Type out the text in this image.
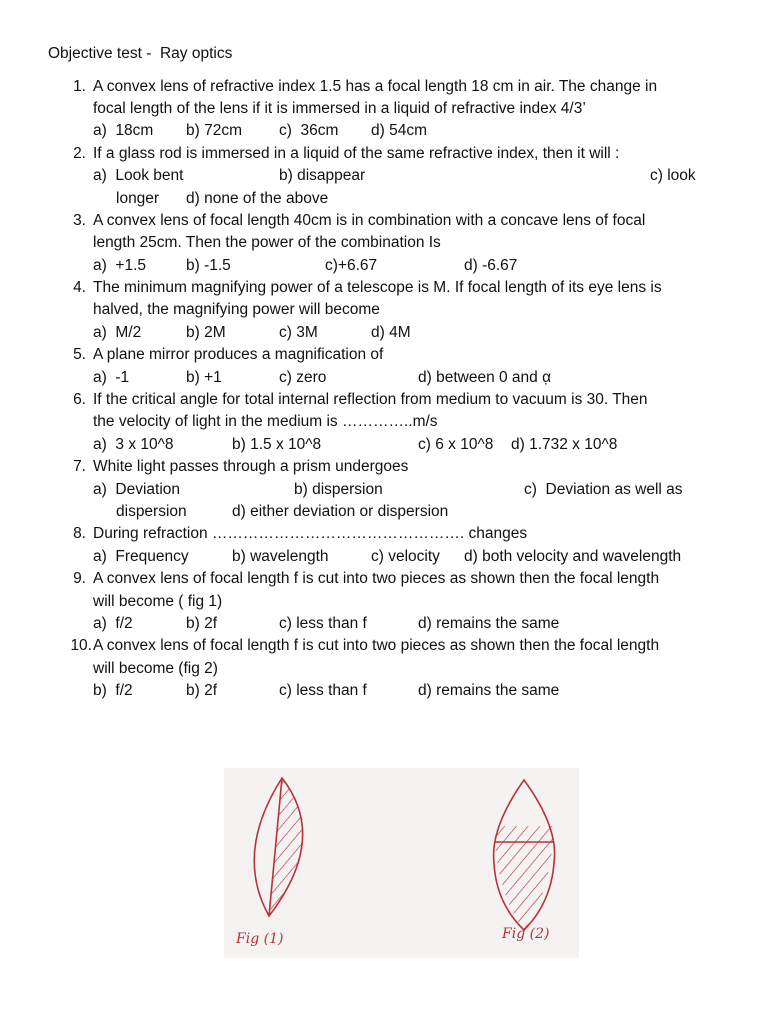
Objective test -  Ray optics
1. A convex lens of refractive index 1.5 has a focal length 18 cm in air. The change in
focal length of the lens if it is immersed in a liquid of refractive index 4/3’
a)  18cm b) 72cm c)  36cm d) 54cm
2. If a glass rod is immersed in a liquid of the same refractive index, then it will :
a)  Look bent	b) disappear	c) look
longer d) none of the above
3. A convex lens of focal length 40cm is in combination with a concave lens of focal
length 25cm. Then the power of the combination Is
a)  +1.5	b) -1.5	c)+6.67	d) -6.67
4. The minimum magnifying power of a telescope is M. If focal length of its eye lens is
halved, the magnifying power will become
a)  M/2	b) 2M	c) 3M	d) 4M
5. A plane mirror produces a magnification of
a)  -1	b) +1	c) zero	d) between 0 and α̣
6. If the critical angle for total internal reflection from medium to vacuum is 30. Then
the velocity of light in the medium is …………..m/s
a)  3 x 10^8	b) 1.5 x 10^8	c) 6 x 10^8 d) 1.732 x 10^8
7. White light passes through a prism undergoes
a)  Deviation	b) dispersion	c)  Deviation as well as
dispersion	d) either deviation or dispersion
8. During refraction …………………………………………. changes
a)  Frequency	b) wavelength	c) velocity d) both velocity and wavelength
9. A convex lens of focal length f is cut into two pieces as shown then the focal length
will become ( fig 1)
a)  f/2	b) 2f	c) less than f	d) remains the same
10. A convex lens of focal length f is cut into two pieces as shown then the focal length
will become (fig 2)
b)  f/2	b) 2f	c) less than f	d) remains the same
Fig (1)	Fig (2)
